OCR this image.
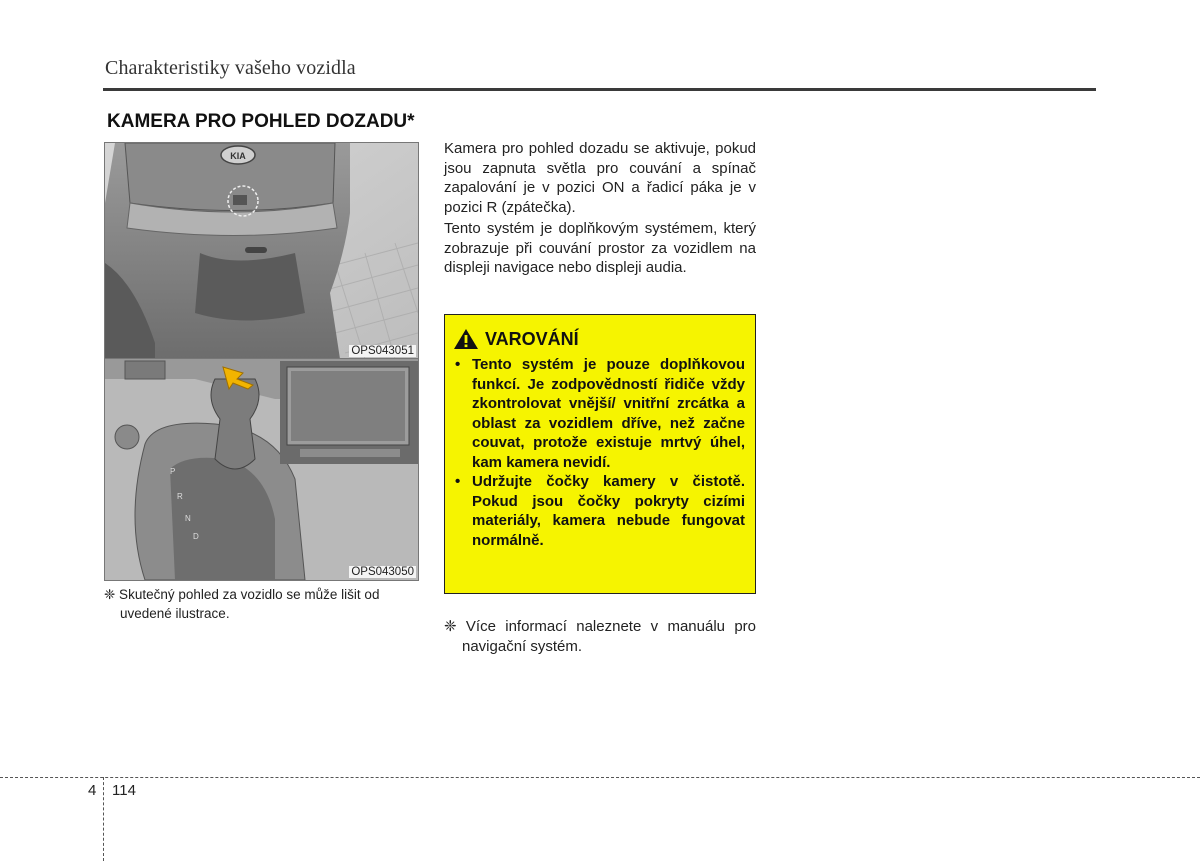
Charakteristiky vašeho vozidla
KAMERA PRO POHLED DOZADU*
KIA
OPS043051
P
R
N
D
OPS043050
❈ Skutečný pohled za vozidlo se může lišit od uvedené ilustrace.

Kamera pro pohled dozadu se aktivuje, pokud jsou zapnuta světla pro couvání a spínač zapalování je v pozici ON a řadicí páka je v pozici R (zpátečka).

Tento systém je doplňkovým systémem, který zobrazuje při couvání prostor za vozidlem na displeji navigace nebo displeji audia.

VAROVÁNÍ
• Tento systém je pouze doplňkovou funkcí. Je zodpovědností řidiče vždy zkontrolovat vnější/ vnitřní zrcátka a oblast za vozidlem dříve, než začne couvat, protože existuje mrtvý úhel, kam kamera nevidí.
• Udržujte čočky kamery v čistotě. Pokud jsou čočky pokryty cizími materiály, kamera nebude fungovat normálně.
❈ Více informací naleznete v manuálu pro navigační systém.
4 114
